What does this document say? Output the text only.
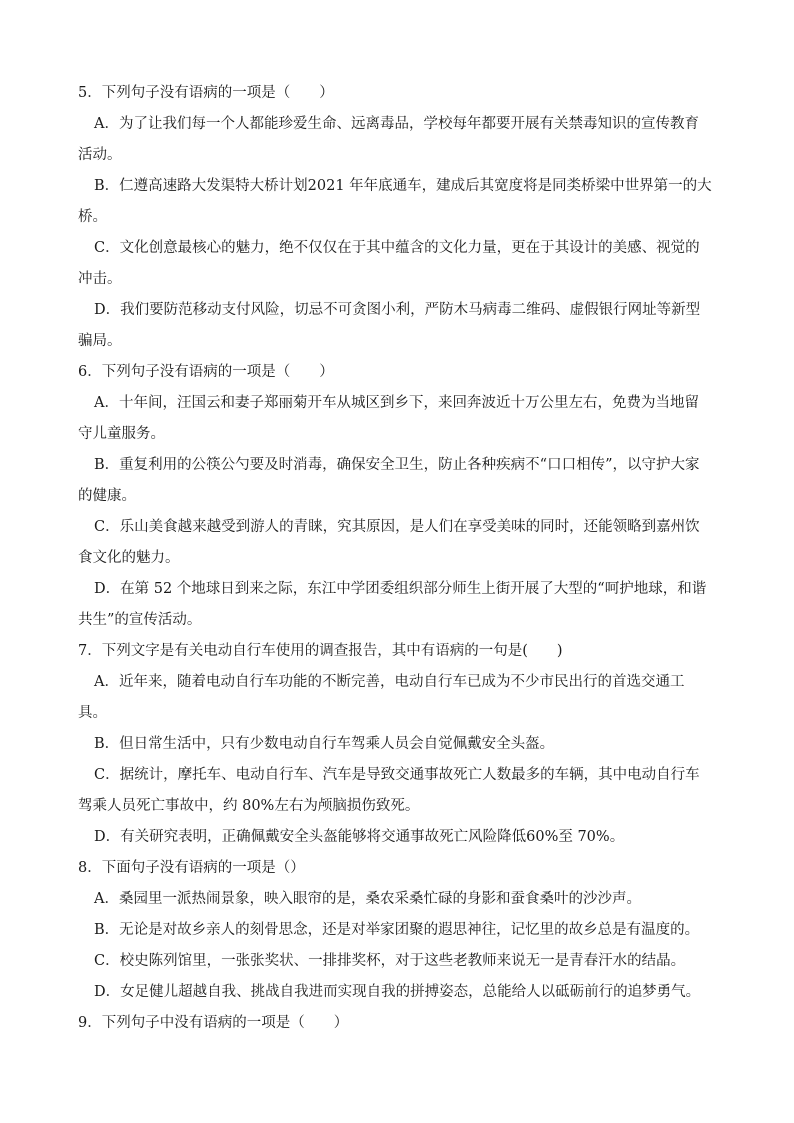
5．下列句子没有语病的一项是（　　）

A．为了让我们每一个人都能珍爱生命、远离毒品，学校每年都要开展有关禁毒知识的宣传教育

活动。

B．仁遵高速路大发渠特大桥计划2021 年年底通车，建成后其宽度将是同类桥梁中世界第一的大

桥。

C．文化创意最核心的魅力，绝不仅仅在于其中蕴含的文化力量，更在于其设计的美感、视觉的

冲击。

D．我们要防范移动支付风险，切忌不可贪图小利，严防木马病毒二维码、虚假银行网址等新型

骗局。

6．下列句子没有语病的一项是（　　）

A．十年间，汪国云和妻子郑丽菊开车从城区到乡下，来回奔波近十万公里左右，免费为当地留

守儿童服务。

B．重复利用的公筷公勺要及时消毒，确保安全卫生，防止各种疾病不“口口相传”，以守护大家

的健康。

C．乐山美食越来越受到游人的青睐，究其原因，是人们在享受美味的同时，还能领略到嘉州饮

食文化的魅力。

D．在第 52 个地球日到来之际，东江中学团委组织部分师生上街开展了大型的“呵护地球，和谐

共生”的宣传活动。

7．下列文字是有关电动自行车使用的调查报告，其中有语病的一句是(　　)

A．近年来，随着电动自行车功能的不断完善，电动自行车已成为不少市民出行的首选交通工

具。

B．但日常生活中，只有少数电动自行车驾乘人员会自觉佩戴安全头盔。

C．据统计，摩托车、电动自行车、汽车是导致交通事故死亡人数最多的车辆，其中电动自行车

驾乘人员死亡事故中，约 80%左右为颅脑损伤致死。

D．有关研究表明，正确佩戴安全头盔能够将交通事故死亡风险降低60%至 70%。

8．下面句子没有语病的一项是（）

A．桑园里一派热闹景象，映入眼帘的是，桑农采桑忙碌的身影和蚕食桑叶的沙沙声。

B．无论是对故乡亲人的刻骨思念，还是对举家团聚的遐思神往，记忆里的故乡总是有温度的。

C．校史陈列馆里，一张张奖状、一排排奖杯，对于这些老教师来说无一是青春汗水的结晶。

D．女足健儿超越自我、挑战自我进而实现自我的拼搏姿态，总能给人以砥砺前行的追梦勇气。

9．下列句子中没有语病的一项是（　　）
